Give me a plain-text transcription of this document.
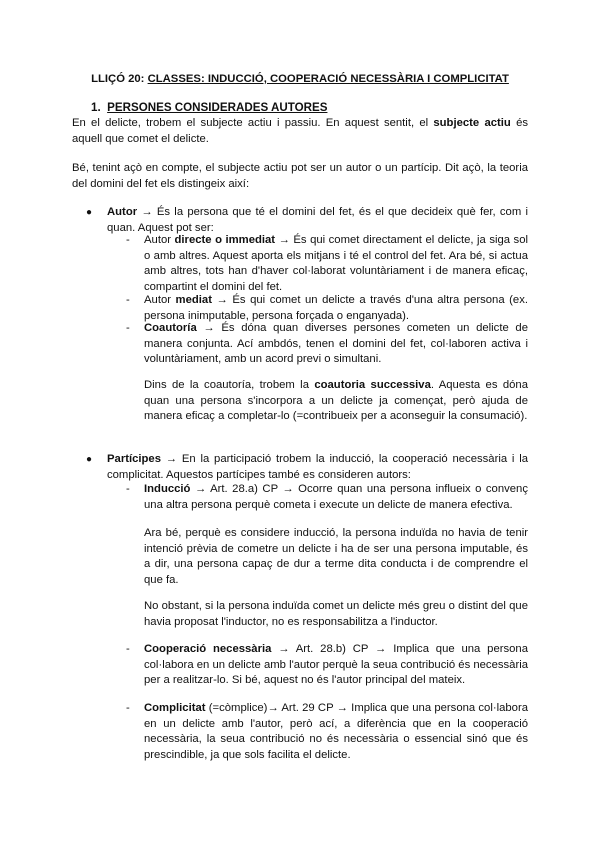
LLIÇÓ 20: CLASSES: INDUCCIÓ, COOPERACIÓ NECESSÀRIA I COMPLICITAT
1. PERSONES CONSIDERADES AUTORES
En el delicte, trobem el subjecte actiu i passiu. En aquest sentit, el subjecte actiu és aquell que comet el delicte.
Bé, tenint açò en compte, el subjecte actiu pot ser un autor o un partícip. Dit açò, la teoria del domini del fet els distingeix així:
● Autor → És la persona que té el domini del fet, és el que decideix què fer, com i quan. Aquest pot ser:
- Autor directe o immediat → És qui comet directament el delicte, ja siga sol o amb altres. Aquest aporta els mitjans i té el control del fet. Ara bé, si actua amb altres, tots han d'haver col·laborat voluntàriament i de manera eficaç, compartint el domini del fet.
- Autor mediat → És qui comet un delicte a través d'una altra persona (ex. persona inimputable, persona forçada o enganyada).
- Coautoría → És dóna quan diverses persones cometen un delicte de manera conjunta. Ací ambdós, tenen el domini del fet, col·laboren activa i voluntàriament, amb un acord previ o simultani.
Dins de la coautoría, trobem la coautoria successiva. Aquesta es dóna quan una persona s'incorpora a un delicte ja començat, però ajuda de manera eficaç a completar-lo (=contribueix per a aconseguir la consumació).
● Partícipes → En la participació trobem la inducció, la cooperació necessària i la complicitat. Aquestos partícipes també es consideren autors:
- Inducció → Art. 28.a) CP → Ocorre quan una persona influeix o convenç una altra persona perquè cometa i execute un delicte de manera efectiva.
Ara bé, perquè es considere inducció, la persona induïda no havia de tenir intenció prèvia de cometre un delicte i ha de ser una persona imputable, és a dir, una persona capaç de dur a terme dita conducta i de comprendre el que fa.
No obstant, si la persona induïda comet un delicte més greu o distint del que havia proposat l'inductor, no es responsabilitza a l'inductor.
- Cooperació necessària → Art. 28.b) CP → Implica que una persona col·labora en un delicte amb l'autor perquè la seua contribució és necessària per a realitzar-lo. Si bé, aquest no és l'autor principal del mateix.
- Complicitat (=còmplice)→ Art. 29 CP → Implica que una persona col·labora en un delicte amb l'autor, però ací, a diferència que en la cooperació necessària, la seua contribució no és necessària o essencial sinó que és prescindible, ja que sols facilita el delicte.
